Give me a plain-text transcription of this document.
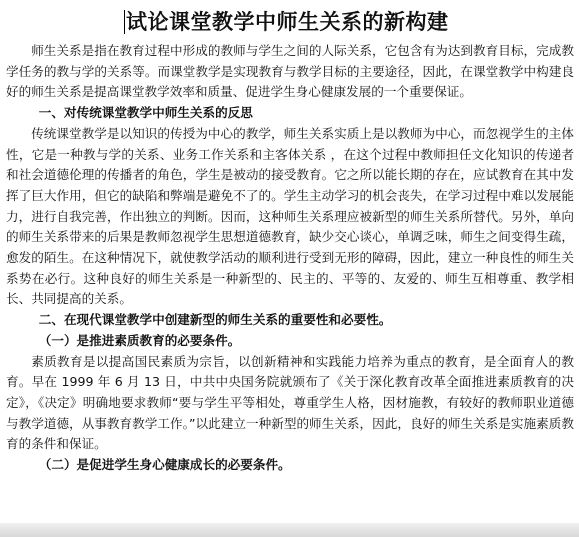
试论课堂教学中师生关系的新构建

师生关系是指在教育过程中形成的教师与学生之间的人际关系，它包含有为达到教育目标，完成教学任务的教与学的关系等。而课堂教学是实现教育与教学目标的主要途径，因此，在课堂教学中构建良好的师生关系是提高课堂教学效率和质量、促进学生身心健康发展的一个重要保证。

一、对传统课堂教学中师生关系的反思

传统课堂教学是以知识的传授为中心的教学，师生关系实质上是以教师为中心，而忽视学生的主体性，它是一种教与学的关系、业务工作关系和主客体关系 ，在这个过程中教师担任文化知识的传递者和社会道德伦理的传播者的角色，学生是被动的接受教育。它之所以能长期的存在，应试教育在其中发挥了巨大作用，但它的缺陷和弊端是避免不了的。学生主动学习的机会丧失，在学习过程中难以发展能力，进行自我完善，作出独立的判断。因而，这种师生关系理应被新型的师生关系所替代。另外，单向的师生关系带来的后果是教师忽视学生思想道德教育，缺少交心谈心，单调乏味，师生之间变得生疏，愈发的陌生。在这种情况下，就使教学活动的顺利进行受到无形的障碍，因此，建立一种良性的师生关系势在必行。这种良好的师生关系是一种新型的、民主的、平等的、友爱的、师生互相尊重、教学相长、共同提高的关系。

二、在现代课堂教学中创建新型的师生关系的重要性和必要性。

（一）是推进素质教育的必要条件。

素质教育是以提高国民素质为宗旨，以创新精神和实践能力培养为重点的教育，是全面育人的教育。早在 1999 年 6 月 13 日，中共中央国务院就颁布了《关于深化教育改革全面推进素质教育的决定》，《决定》明确地要求教师“要与学生平等相处，尊重学生人格，因材施教，有较好的教师职业道德与教学道德，从事教育教学工作。”以此建立一种新型的师生关系，因此，良好的师生关系是实施素质教育的条件和保证。

（二）是促进学生身心健康成长的必要条件。
